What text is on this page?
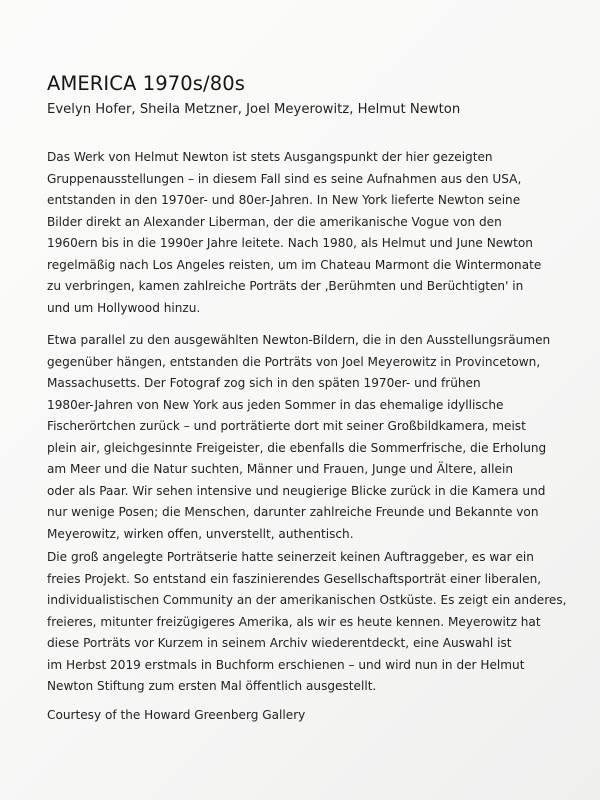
AMERICA 1970s/80s
Evelyn Hofer, Sheila Metzner, Joel Meyerowitz, Helmut Newton

Das Werk von Helmut Newton ist stets Ausgangspunkt der hier gezeigten
Gruppenausstellungen – in diesem Fall sind es seine Aufnahmen aus den USA,
entstanden in den 1970er- und 80er-Jahren. In New York lieferte Newton seine
Bilder direkt an Alexander Liberman, der die amerikanische Vogue von den
1960ern bis in die 1990er Jahre leitete. Nach 1980, als Helmut und June Newton
regelmäßig nach Los Angeles reisten, um im Chateau Marmont die Wintermonate
zu verbringen, kamen zahlreiche Porträts der ‚Berühmten und Berüchtigten' in
und um Hollywood hinzu.

Etwa parallel zu den ausgewählten Newton-Bildern, die in den Ausstellungsräumen
gegenüber hängen, entstanden die Porträts von Joel Meyerowitz in Provincetown,
Massachusetts. Der Fotograf zog sich in den späten 1970er- und frühen
1980er-Jahren von New York aus jeden Sommer in das ehemalige idyllische
Fischerörtchen zurück – und porträtierte dort mit seiner Großbildkamera, meist
plein air, gleichgesinnte Freigeister, die ebenfalls die Sommerfrische, die Erholung
am Meer und die Natur suchten, Männer und Frauen, Junge und Ältere, allein
oder als Paar. Wir sehen intensive und neugierige Blicke zurück in die Kamera und
nur wenige Posen; die Menschen, darunter zahlreiche Freunde und Bekannte von
Meyerowitz, wirken offen, unverstellt, authentisch.

Die groß angelegte Porträtserie hatte seinerzeit keinen Auftraggeber, es war ein
freies Projekt. So entstand ein faszinierendes Gesellschaftsporträt einer liberalen,
individualistischen Community an der amerikanischen Ostküste. Es zeigt ein anderes,
freieres, mitunter freizügigeres Amerika, als wir es heute kennen. Meyerowitz hat
diese Porträts vor Kurzem in seinem Archiv wiederentdeckt, eine Auswahl ist
im Herbst 2019 erstmals in Buchform erschienen – und wird nun in der Helmut
Newton Stiftung zum ersten Mal öffentlich ausgestellt.

Courtesy of the Howard Greenberg Gallery
